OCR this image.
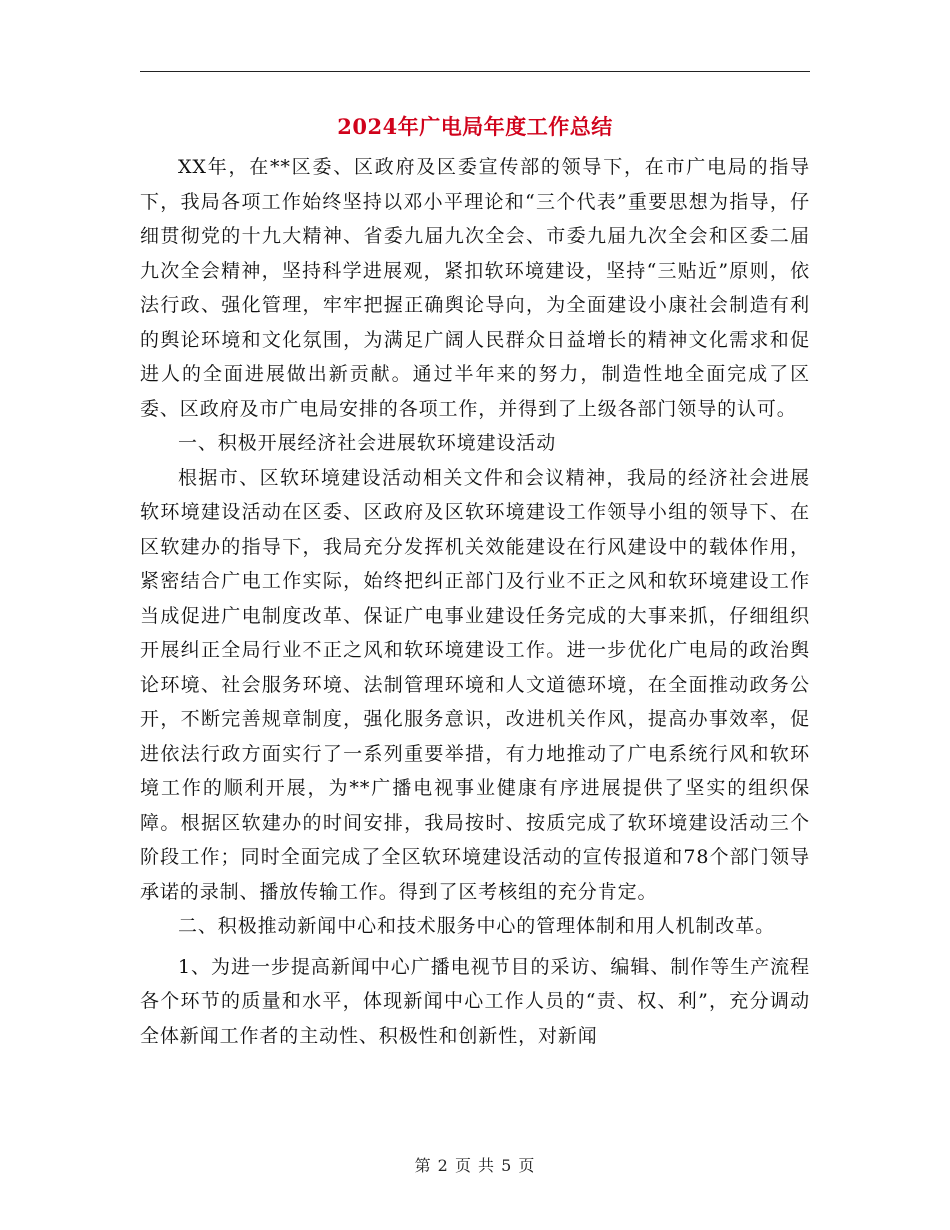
2024年广电局年度工作总结

XX年，在**区委、区政府及区委宣传部的领导下，在市广电局的指导下，我局各项工作始终坚持以邓小平理论和“三个代表”重要思想为指导，仔细贯彻党的十九大精神、省委九届九次全会、市委九届九次全会和区委二届九次全会精神，坚持科学进展观，紧扣软环境建设，坚持“三贴近”原则，依法行政、强化管理，牢牢把握正确舆论导向，为全面建设小康社会制造有利的舆论环境和文化氛围，为满足广阔人民群众日益增长的精神文化需求和促进人的全面进展做出新贡献。通过半年来的努力，制造性地全面完成了区委、区政府及市广电局安排的各项工作，并得到了上级各部门领导的认可。

一、积极开展经济社会进展软环境建设活动

根据市、区软环境建设活动相关文件和会议精神，我局的经济社会进展软环境建设活动在区委、区政府及区软环境建设工作领导小组的领导下、在区软建办的指导下，我局充分发挥机关效能建设在行风建设中的载体作用，紧密结合广电工作实际，始终把纠正部门及行业不正之风和软环境建设工作当成促进广电制度改革、保证广电事业建设任务完成的大事来抓，仔细组织开展纠正全局行业不正之风和软环境建设工作。进一步优化广电局的政治舆论环境、社会服务环境、法制管理环境和人文道德环境，在全面推动政务公开，不断完善规章制度，强化服务意识，改进机关作风，提高办事效率，促进依法行政方面实行了一系列重要举措，有力地推动了广电系统行风和软环境工作的顺利开展，为**广播电视事业健康有序进展提供了坚实的组织保障。根据区软建办的时间安排，我局按时、按质完成了软环境建设活动三个阶段工作；同时全面完成了全区软环境建设活动的宣传报道和78个部门领导承诺的录制、播放传输工作。得到了区考核组的充分肯定。

二、积极推动新闻中心和技术服务中心的管理体制和用人机制改革。

1、为进一步提高新闻中心广播电视节目的采访、编辑、制作等生产流程各个环节的质量和水平，体现新闻中心工作人员的“责、权、利”，充分调动全体新闻工作者的主动性、积极性和创新性，对新闻

第 2 页 共 5 页
